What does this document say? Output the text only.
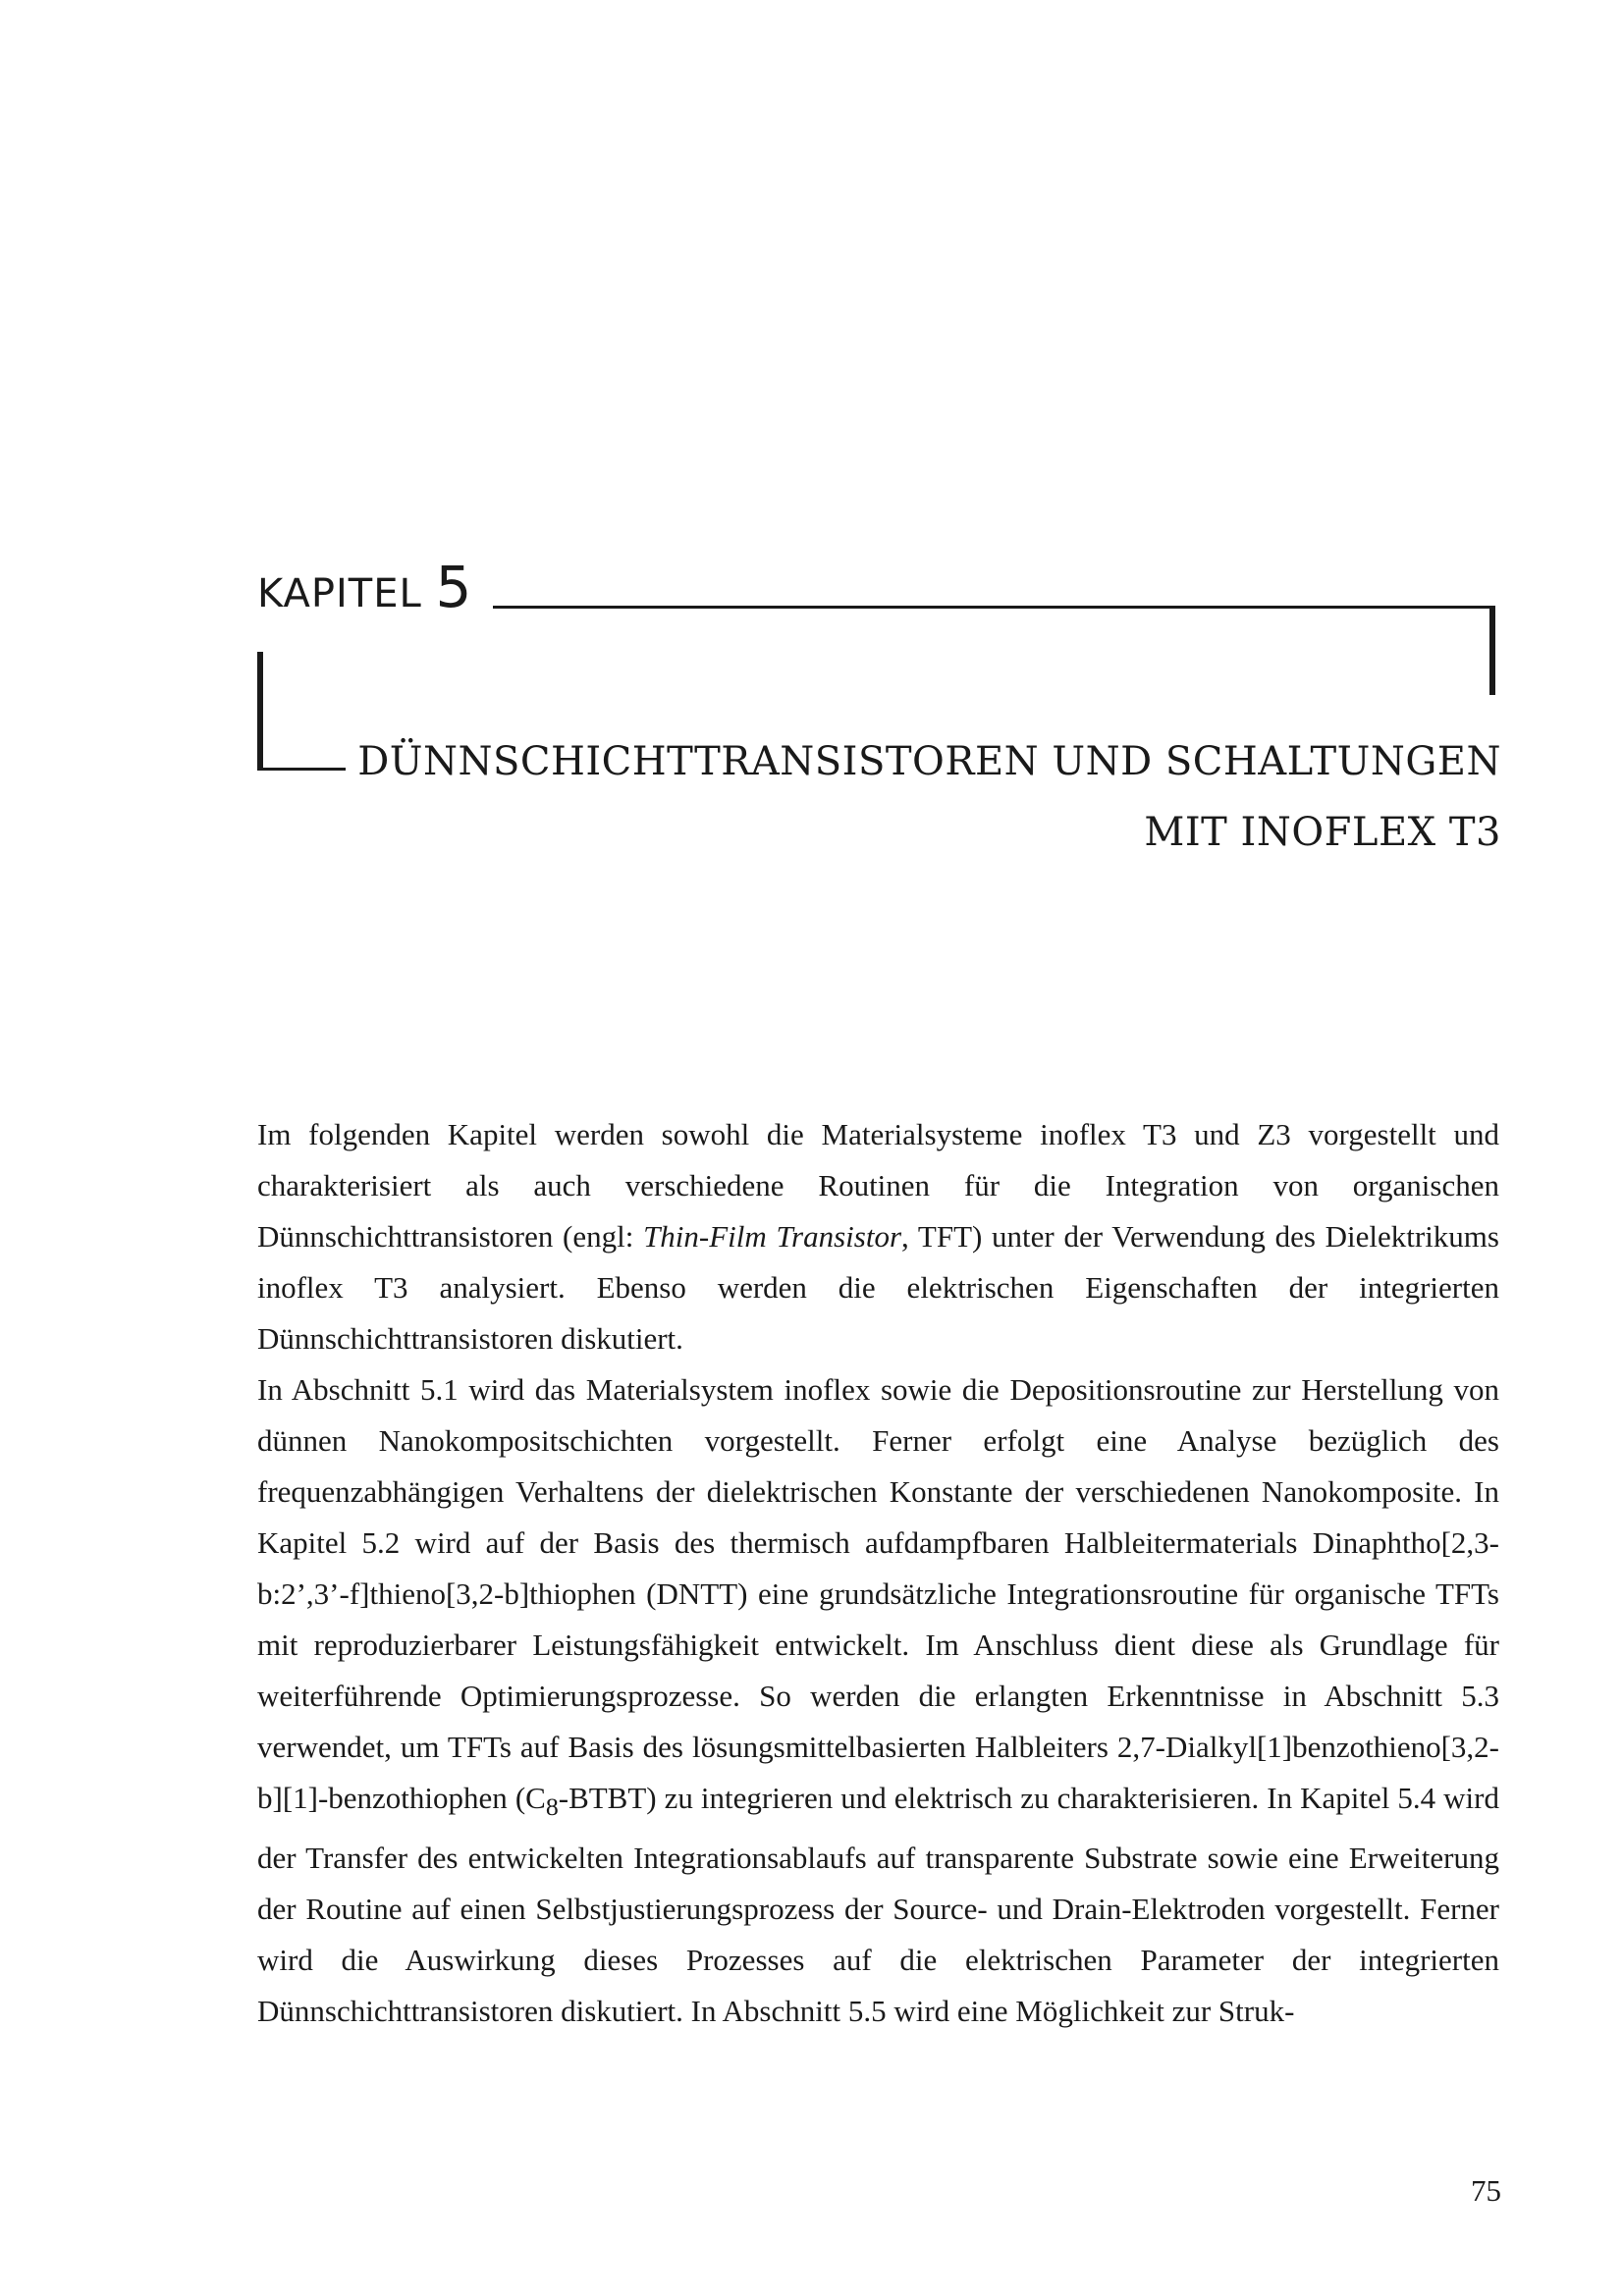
KAPITEL 5
DÜNNSCHICHTTRANSISTOREN UND SCHALTUNGEN
MIT INOFLEX T3

Im folgenden Kapitel werden sowohl die Materialsysteme inoflex T3 und Z3 vorgestellt und charakterisiert als auch verschiedene Routinen für die Integration von organischen Dünnschichttransistoren (engl: Thin-Film Transistor, TFT) unter der Verwendung des Dielektrikums inoflex T3 analysiert. Ebenso werden die elektrischen Eigenschaften der integrierten Dünnschichttransistoren diskutiert.

In Abschnitt 5.1 wird das Materialsystem inoflex sowie die Depositionsroutine zur Herstellung von dünnen Nanokompositschichten vorgestellt. Ferner erfolgt eine Analyse bezüglich des frequenzabhängigen Verhaltens der dielektrischen Konstante der verschiedenen Nanokomposite. In Kapitel 5.2 wird auf der Basis des thermisch aufdampfbaren Halbleitermaterials Dinaphtho[2,3-b:2’,3’-f]thieno[3,2-b]thiophen (DNTT) eine grundsätzliche Integrationsroutine für organische TFTs mit reproduzierbarer Leistungsfähigkeit entwickelt. Im Anschluss dient diese als Grundlage für weiterführende Optimierungsprozesse. So werden die erlangten Erkenntnisse in Abschnitt 5.3 verwendet, um TFTs auf Basis des lösungsmittelbasierten Halbleiters 2,7-Dialkyl[1]benzothieno[3,2-b][1]-benzothiophen $(C_8-BTBT)$ zu integrieren und elektrisch zu charakterisieren. In Kapitel 5.4 wird der Transfer des entwickelten Integrationsablaufs auf transparente Substrate sowie eine Erweiterung der Routine auf einen Selbstjustierungsprozess der Source- und Drain-Elektroden vorgestellt. Ferner wird die Auswirkung dieses Prozesses auf die elektrischen Parameter der integrierten Dünnschichttransistoren diskutiert. In Abschnitt 5.5 wird eine Möglichkeit zur Struk-

75
